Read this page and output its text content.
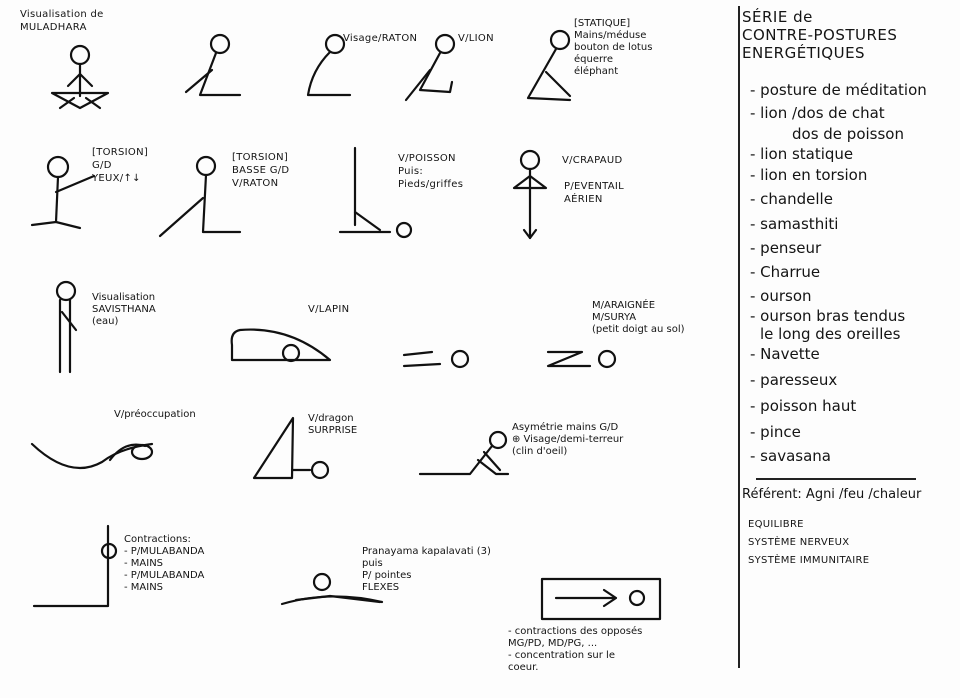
Visualisation de
MULADHARA
Visage/RATON	V/LION
[STATIQUE]
Mains/méduse
bouton de lotus
équerre
éléphant
[TORSION]
G/D
YEUX/↑↓
[TORSION]
BASSE G/D
V/RATON
V/POISSON
Puis:
Pieds/griffes
V/CRAPAUD
P/EVENTAIL
AÉRIEN
Visualisation
SAVISTHANA
(eau)
V/LAPIN	M/ARAIGNÉE
M/SURYA
(petit doigt au sol)
V/préoccupation	V/dragon
SURPRISE	Asymétrie mains G/D
⊕ Visage/demi-terreur
(clin d'oeil)
Contractions:
- P/MULABANDA
- MAINS
- P/MULABANDA
- MAINS
Pranayama kapalavati (3)
puis
P/ pointes
FLEXES
- contractions des opposés
MG/PD, MD/PG, ...
- concentration sur le
coeur.
SÉRIE de
CONTRE-POSTURES
ENERGÉTIQUES
- posture de méditation
- lion /dos de chat
dos de poisson
- lion statique
- lion en torsion
- chandelle
- samasthiti
- penseur
- Charrue
- ourson
- ourson bras tendus
le long des oreilles
- Navette
- paresseux
- poisson haut
- pince
- savasana
Référent: Agni /feu /chaleur
EQUILIBRE
SYSTÈME NERVEUX
SYSTÈME IMMUNITAIRE
